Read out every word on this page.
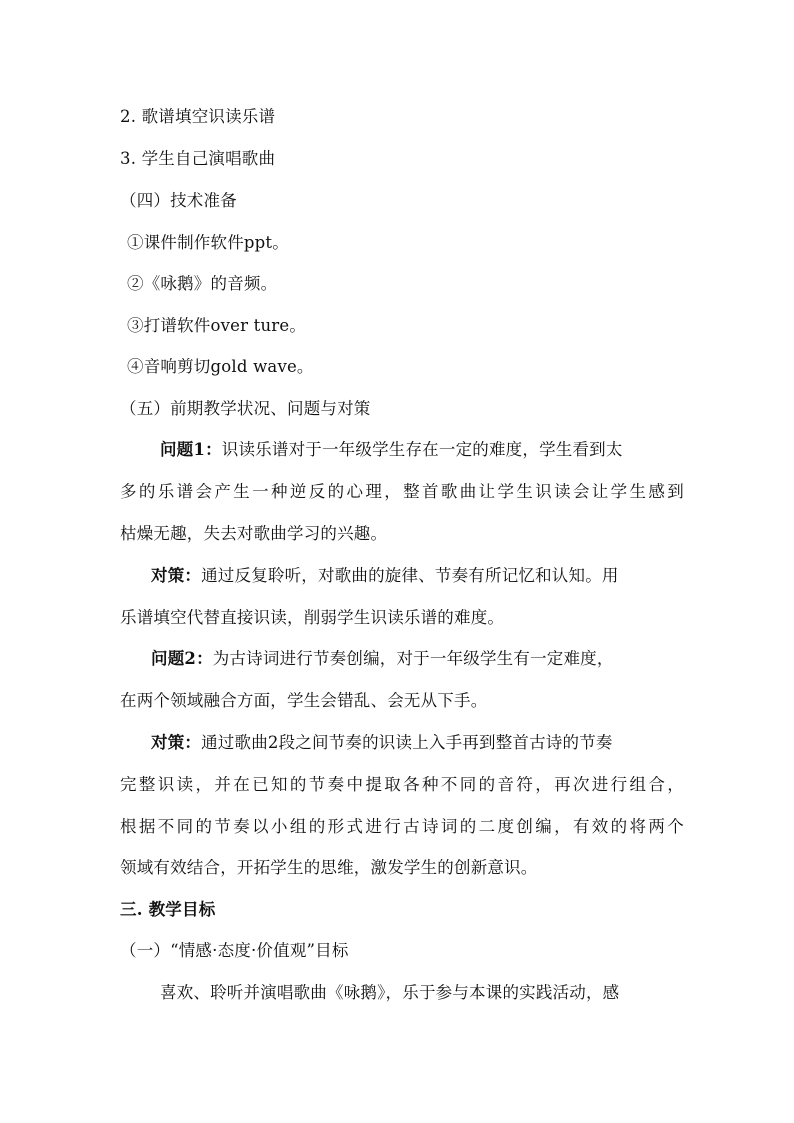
2. 歌谱填空识读乐谱
3. 学生自己演唱歌曲
（四）技术准备
①课件制作软件ppt。
②《咏鹅》的音频。
③打谱软件over ture。
④音响剪切gold wave。
（五）前期教学状况、问题与对策
问题1：识读乐谱对于一年级学生存在一定的难度，学生看到太
多的乐谱会产生一种逆反的心理，整首歌曲让学生识读会让学生感到
枯燥无趣，失去对歌曲学习的兴趣。
对策：通过反复聆听，对歌曲的旋律、节奏有所记忆和认知。用
乐谱填空代替直接识读，削弱学生识读乐谱的难度。
问题2：为古诗词进行节奏创编，对于一年级学生有一定难度，
在两个领域融合方面，学生会错乱、会无从下手。
对策：通过歌曲2段之间节奏的识读上入手再到整首古诗的节奏
完整识读，并在已知的节奏中提取各种不同的音符，再次进行组合，
根据不同的节奏以小组的形式进行古诗词的二度创编，有效的将两个
领域有效结合，开拓学生的思维，激发学生的创新意识。
三. 教学目标
（一）“情感·态度·价值观”目标
喜欢、聆听并演唱歌曲《咏鹅》，乐于参与本课的实践活动，感
